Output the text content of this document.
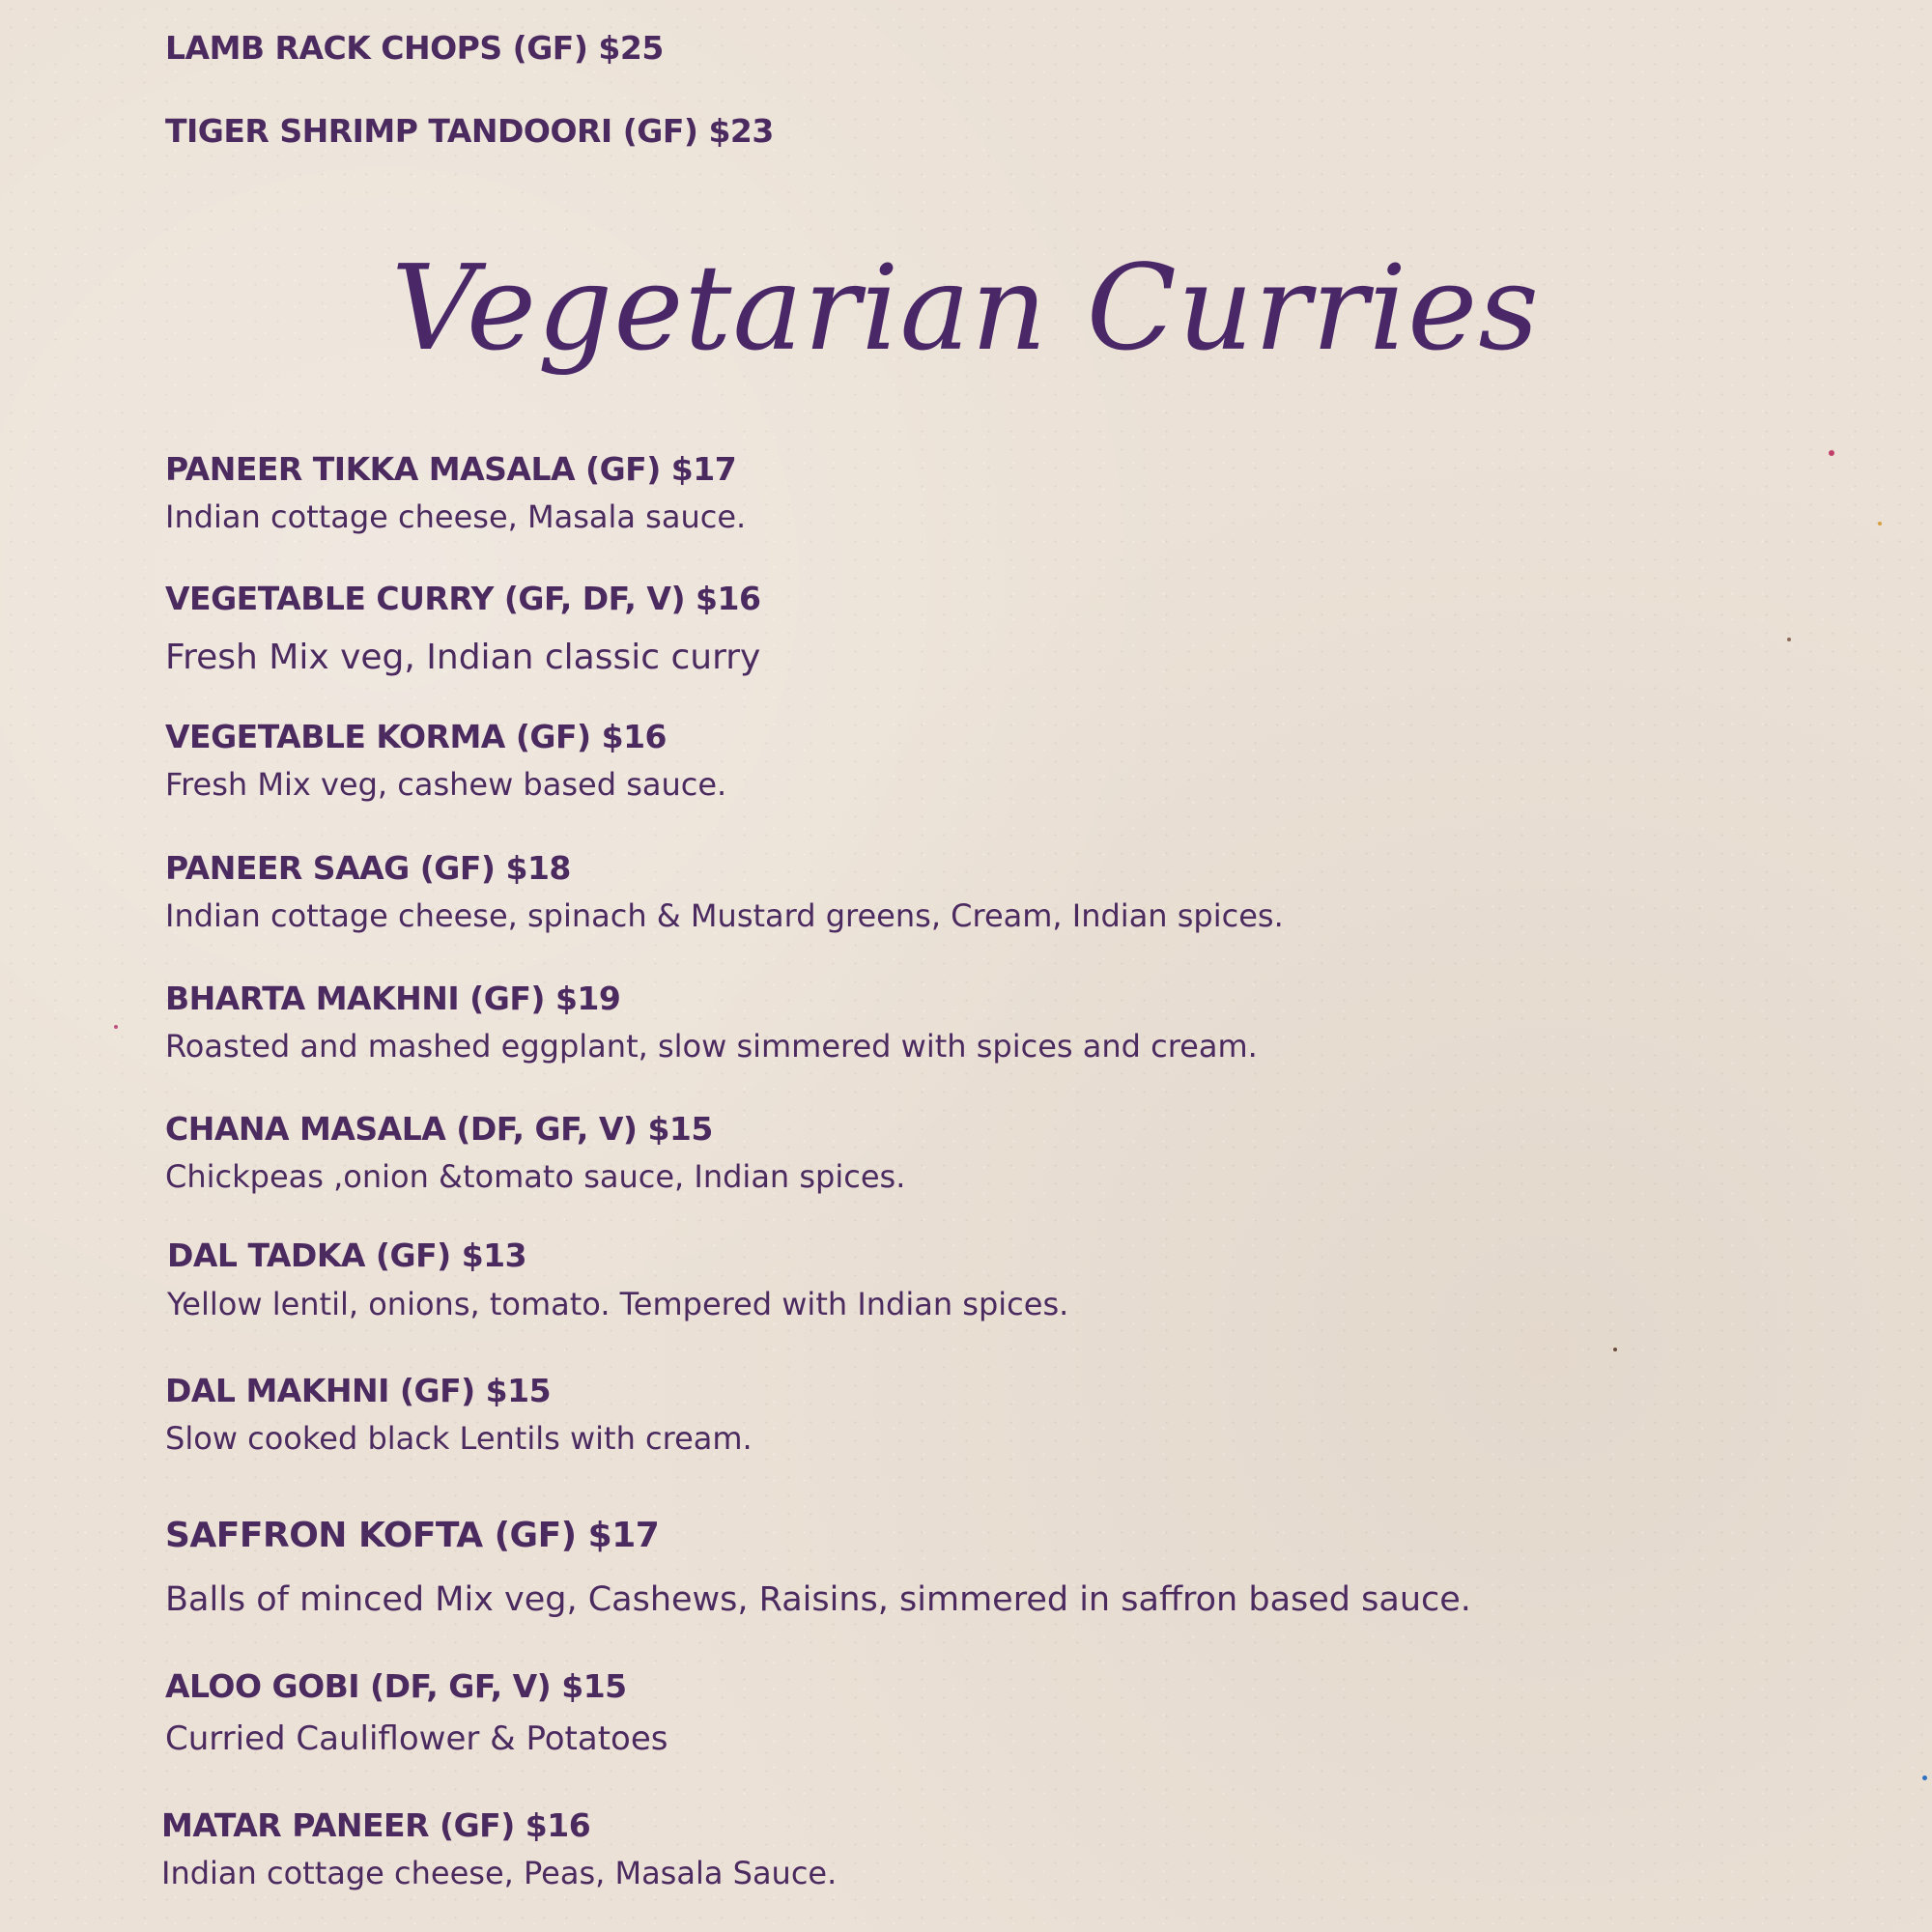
LAMB RACK CHOPS (GF) $25

TIGER SHRIMP TANDOORI (GF) $23

Vegetarian Curries

PANEER TIKKA MASALA (GF) $17

Indian cottage cheese, Masala sauce.

VEGETABLE CURRY (GF, DF, V) $16

Fresh Mix veg, Indian classic curry

VEGETABLE KORMA (GF) $16

Fresh Mix veg, cashew based sauce.

PANEER SAAG (GF) $18

Indian cottage cheese, spinach & Mustard greens, Cream, Indian spices.

BHARTA MAKHNI (GF) $19

Roasted and mashed eggplant, slow simmered with spices and cream.

CHANA MASALA (DF, GF, V) $15

Chickpeas ,onion &tomato sauce, Indian spices.

DAL TADKA (GF) $13

Yellow lentil, onions, tomato. Tempered with Indian spices.

DAL MAKHNI (GF) $15

Slow cooked black Lentils with cream.

SAFFRON KOFTA (GF) $17

Balls of minced Mix veg, Cashews, Raisins, simmered in saffron based sauce.

ALOO GOBI (DF, GF, V) $15

Curried Cauliflower & Potatoes

MATAR PANEER (GF) $16

Indian cottage cheese, Peas, Masala Sauce.
